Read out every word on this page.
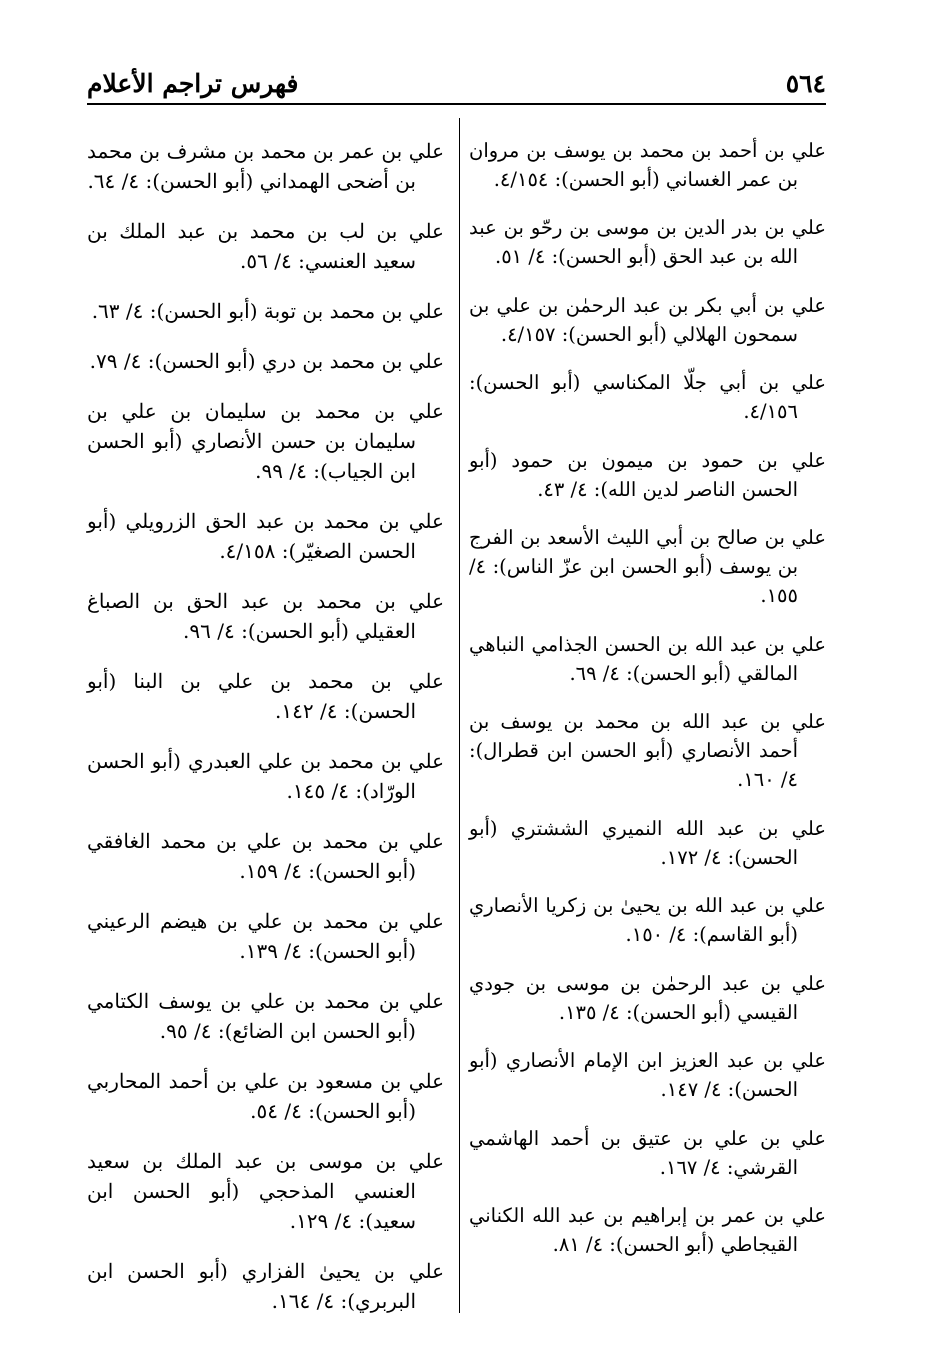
٥٦٤
فهرس تراجم الأعلام

علي بن أحمد بن محمد بن يوسف بن مروان بن عمر الغساني (أبو الحسن): ٤/١٥٤.

علي بن بدر الدين بن موسى بن رحّو بن عبد الله بن عبد الحق (أبو الحسن): ٤/ ٥١.

علي بن أبي بكر بن عبد الرحمٰن بن علي بن سمحون الهلالي (أبو الحسن): ٤/١٥٧.

علي بن أبي جلّا المكناسي (أبو الحسن): ٤/١٥٦.

علي بن حمود بن ميمون بن حمود (أبو الحسن الناصر لدين الله): ٤/ ٤٣.

علي بن صالح بن أبي الليث الأسعد بن الفرج بن يوسف (أبو الحسن ابن عزّ الناس): ٤/ ١٥٥.

علي بن عبد الله بن الحسن الجذامي النباهي المالقي (أبو الحسن): ٤/ ٦٩.

علي بن عبد الله بن محمد بن يوسف بن أحمد الأنصاري (أبو الحسن ابن قطرال): ٤/ ١٦٠.

علي بن عبد الله النميري الششتري (أبو الحسن): ٤/ ١٧٢.

علي بن عبد الله بن يحيىٰ بن زكريا الأنصاري (أبو القاسم): ٤/ ١٥٠.

علي بن عبد الرحمٰن بن موسى بن جودي القيسي (أبو الحسن): ٤/ ١٣٥.

علي بن عبد العزيز ابن الإمام الأنصاري (أبو الحسن): ٤/ ١٤٧.

علي بن علي بن عتيق بن أحمد الهاشمي القرشي: ٤/ ١٦٧.

علي بن عمر بن إبراهيم بن عبد الله الكناني القيجاطي (أبو الحسن): ٤/ ٨١.

علي بن عمر بن محمد بن مشرف بن محمد بن أضحى الهمداني (أبو الحسن): ٤/ ٦٤.

علي بن لب بن محمد بن عبد الملك بن سعيد العنسي: ٤/ ٥٦.

علي بن محمد بن توبة (أبو الحسن): ٤/ ٦٣.

علي بن محمد بن دري (أبو الحسن): ٤/ ٧٩.

علي بن محمد بن سليمان بن علي بن سليمان بن حسن الأنصاري (أبو الحسن ابن الجياب): ٤/ ٩٩.

علي بن محمد بن عبد الحق الزرويلي (أبو الحسن الصغيّر): ٤/١٥٨.

علي بن محمد بن عبد الحق بن الصباغ العقيلي (أبو الحسن): ٤/ ٩٦.

علي بن محمد بن علي بن البنا (أبو الحسن): ٤/ ١٤٢.

علي بن محمد بن علي العبدري (أبو الحسن الورّاد): ٤/ ١٤٥.

علي بن محمد بن علي بن محمد الغافقي (أبو الحسن): ٤/ ١٥٩.

علي بن محمد بن علي بن هيضم الرعيني (أبو الحسن): ٤/ ١٣٩.

علي بن محمد بن علي بن يوسف الكتامي (أبو الحسن ابن الضائع): ٤/ ٩٥.

علي بن مسعود بن علي بن أحمد المحاربي (أبو الحسن): ٤/ ٥٤.

علي بن موسى بن عبد الملك بن سعيد العنسي المذحجي (أبو الحسن ابن سعيد): ٤/ ١٢٩.

علي بن يحيىٰ الفزاري (أبو الحسن ابن البربري): ٤/ ١٦٤.
